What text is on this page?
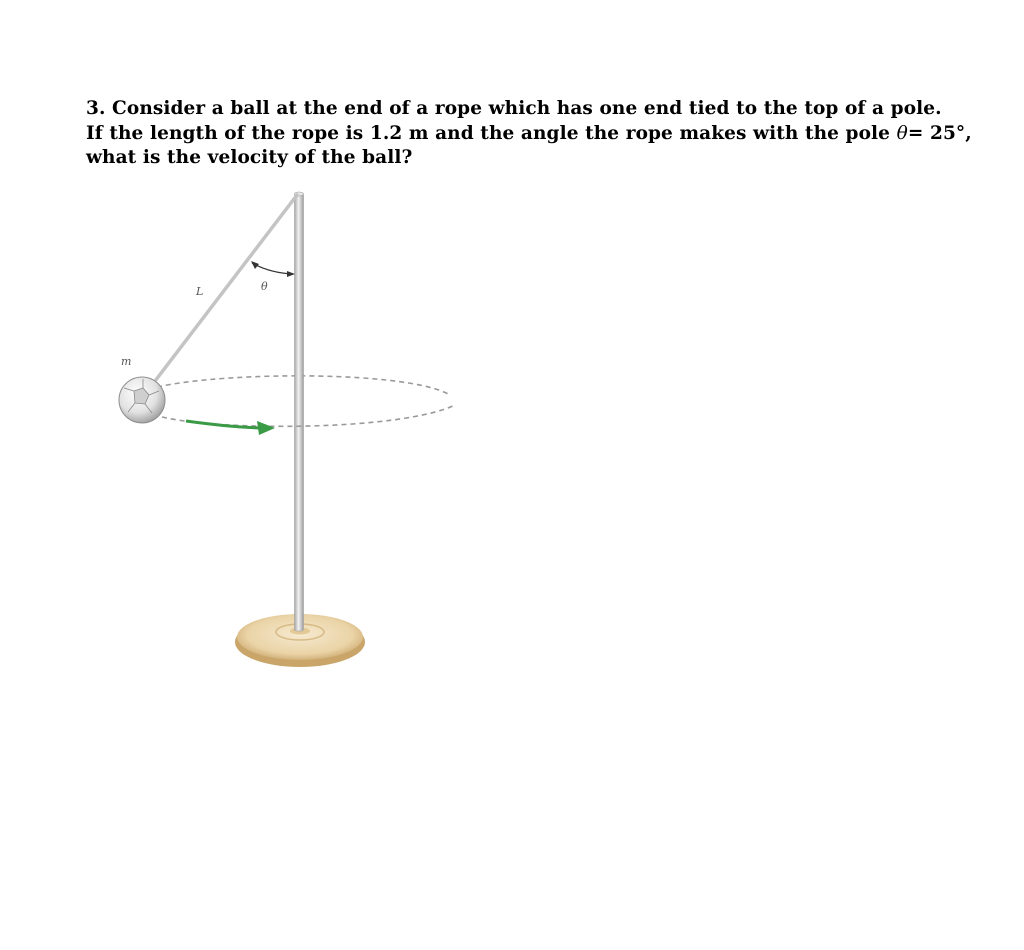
3. Consider a ball at the end of a rope which has one end tied to the top of a pole.
If the length of the rope is 1.2 m and the angle the rope makes with the pole θ= 25°,
what is the velocity of the ball?
L	θ
m
